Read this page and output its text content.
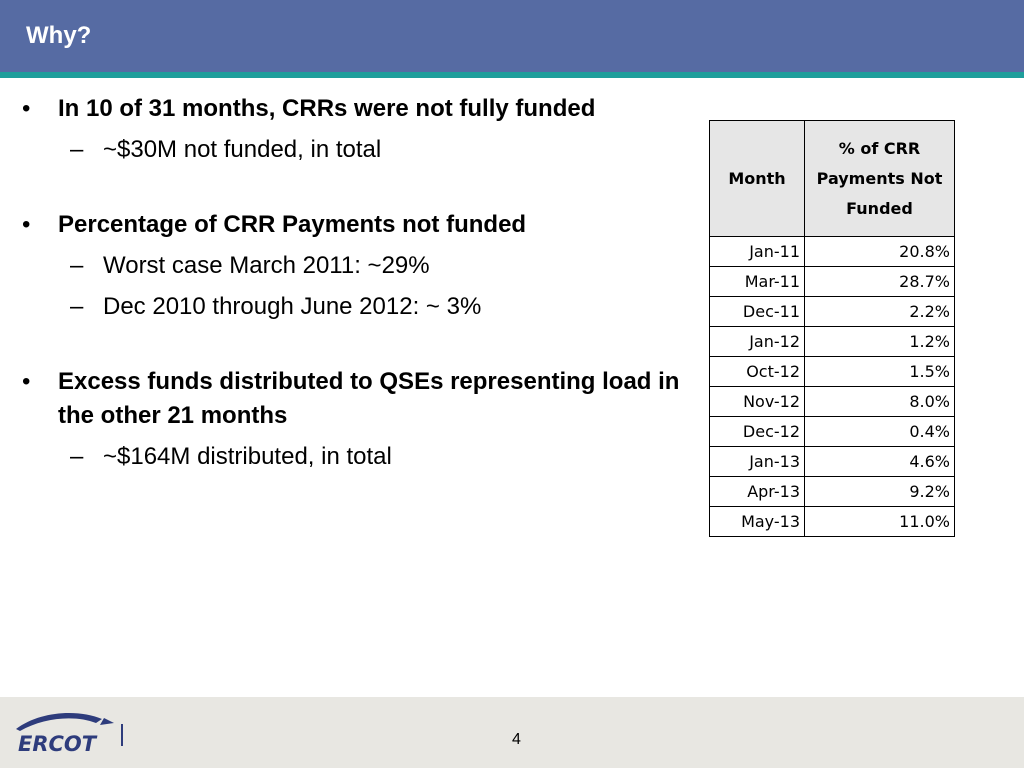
Why?
• In 10 of 31 months, CRRs were not fully funded
– ~$30M not funded, in total
• Percentage of CRR Payments not funded
– Worst case March 2011: ~29%
– Dec 2010 through June 2012: ~ 3%
• Excess funds distributed to QSEs representing load in the other 21 months
– ~$164M distributed, in total
Month	% of CRR
Payments Not
Funded
Jan-11	20.8%
Mar-11	28.7%
Dec-11	2.2%
Jan-12	1.2%
Oct-12	1.5%
Nov-12	8.0%
Dec-12	0.4%
Jan-13	4.6%
Apr-13	9.2%
May-13	11.0%
ERCOT	4
